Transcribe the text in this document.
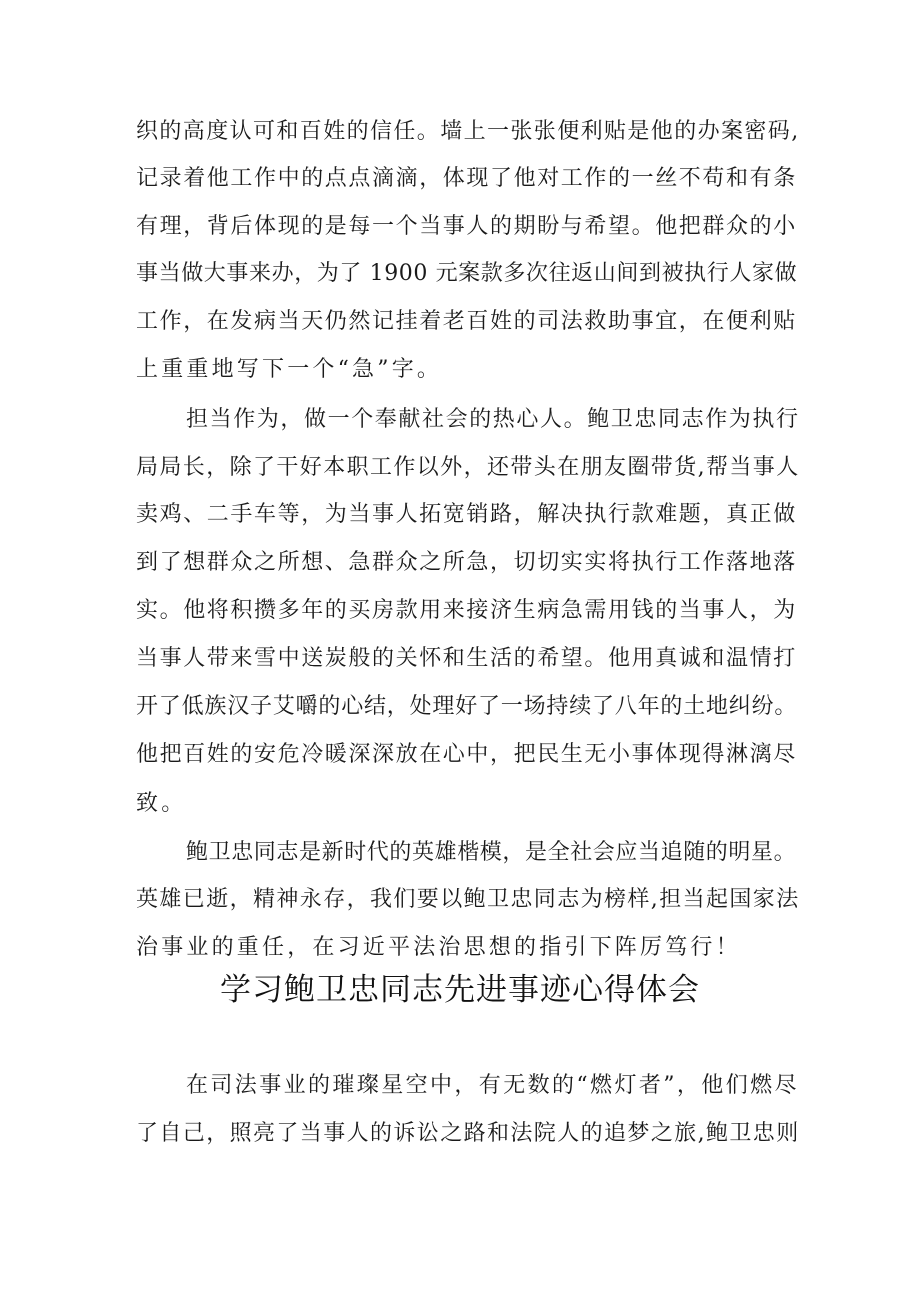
织的高度认可和百姓的信任。墙上一张张便利贴是他的办案密码,
记录着他工作中的点点滴滴，体现了他对工作的一丝不苟和有条
有理，背后体现的是每一个当事人的期盼与希望。他把群众的小
事当做大事来办，为了 1900 元案款多次往返山间到被执行人家做
工作，在发病当天仍然记挂着老百姓的司法救助事宜，在便利贴
上重重地写下一个“急”字。
担当作为，做一个奉献社会的热心人。鲍卫忠同志作为执行
局局长，除了干好本职工作以外，还带头在朋友圈带货,帮当事人
卖鸡、二手车等，为当事人拓宽销路，解决执行款难题，真正做
到了想群众之所想、急群众之所急，切切实实将执行工作落地落
实。他将积攒多年的买房款用来接济生病急需用钱的当事人，为
当事人带来雪中送炭般的关怀和生活的希望。他用真诚和温情打
开了低族汉子艾嚼的心结，处理好了一场持续了八年的土地纠纷。
他把百姓的安危冷暖深深放在心中，把民生无小事体现得淋漓尽
致。
鲍卫忠同志是新时代的英雄楷模，是全社会应当追随的明星。
英雄已逝，精神永存，我们要以鲍卫忠同志为榜样,担当起国家法
治事业的重任，在习近平法治思想的指引下阵厉笃行！
学习鲍卫忠同志先进事迹心得体会
在司法事业的璀璨星空中，有无数的“燃灯者”，他们燃尽
了自己，照亮了当事人的诉讼之路和法院人的追梦之旅,鲍卫忠则
